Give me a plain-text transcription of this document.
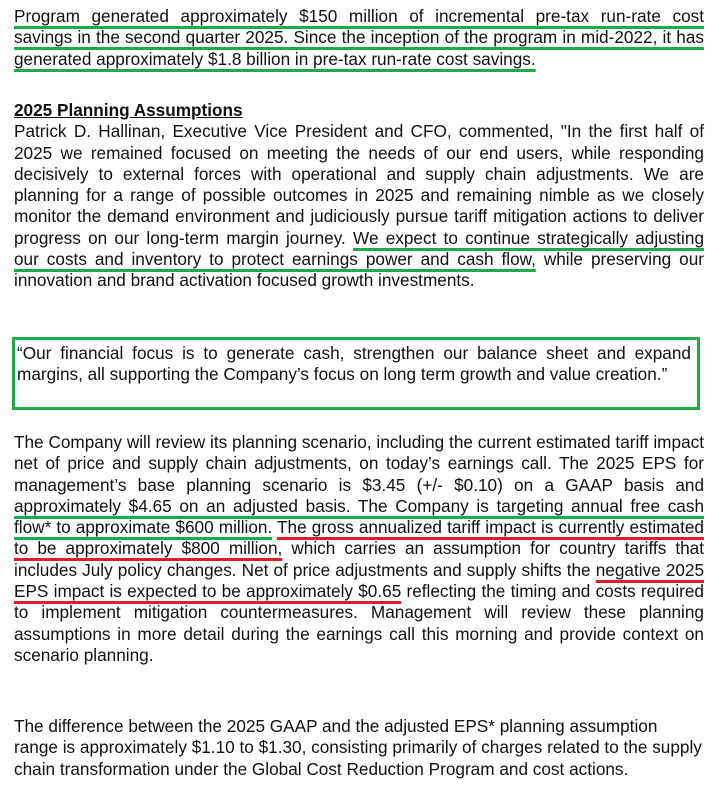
Program generated approximately $150 million of incremental pre-tax run-rate cost savings in the second quarter 2025. Since the inception of the program in mid-2022, it has generated approximately $1.8 billion in pre-tax run-rate cost savings.

2025 Planning Assumptions

Patrick D. Hallinan, Executive Vice President and CFO, commented, "In the first half of 2025 we remained focused on meeting the needs of our end users, while responding decisively to external forces with operational and supply chain adjustments. We are planning for a range of possible outcomes in 2025 and remaining nimble as we closely monitor the demand environment and judiciously pursue tariff mitigation actions to deliver progress on our long-term margin journey. We expect to continue strategically adjusting our costs and inventory to protect earnings power and cash flow, while preserving our innovation and brand activation focused growth investments.

“Our financial focus is to generate cash, strengthen our balance sheet and expand margins, all supporting the Company’s focus on long term growth and value creation.”

The Company will review its planning scenario, including the current estimated tariff impact net of price and supply chain adjustments, on today’s earnings call. The 2025 EPS for management’s base planning scenario is $3.45 (+/- $0.10) on a GAAP basis and approximately $4.65 on an adjusted basis. The Company is targeting annual free cash flow* to approximate $600 million. The gross annualized tariff impact is currently estimated to be approximately $800 million, which carries an assumption for country tariffs that includes July policy changes. Net of price adjustments and supply shifts the negative 2025 EPS impact is expected to be approximately $0.65 reflecting the timing and costs required to implement mitigation countermeasures. Management will review these planning assumptions in more detail during the earnings call this morning and provide context on scenario planning.

The difference between the 2025 GAAP and the adjusted EPS* planning assumption range is approximately $1.10 to $1.30, consisting primarily of charges related to the supply chain transformation under the Global Cost Reduction Program and cost actions.
